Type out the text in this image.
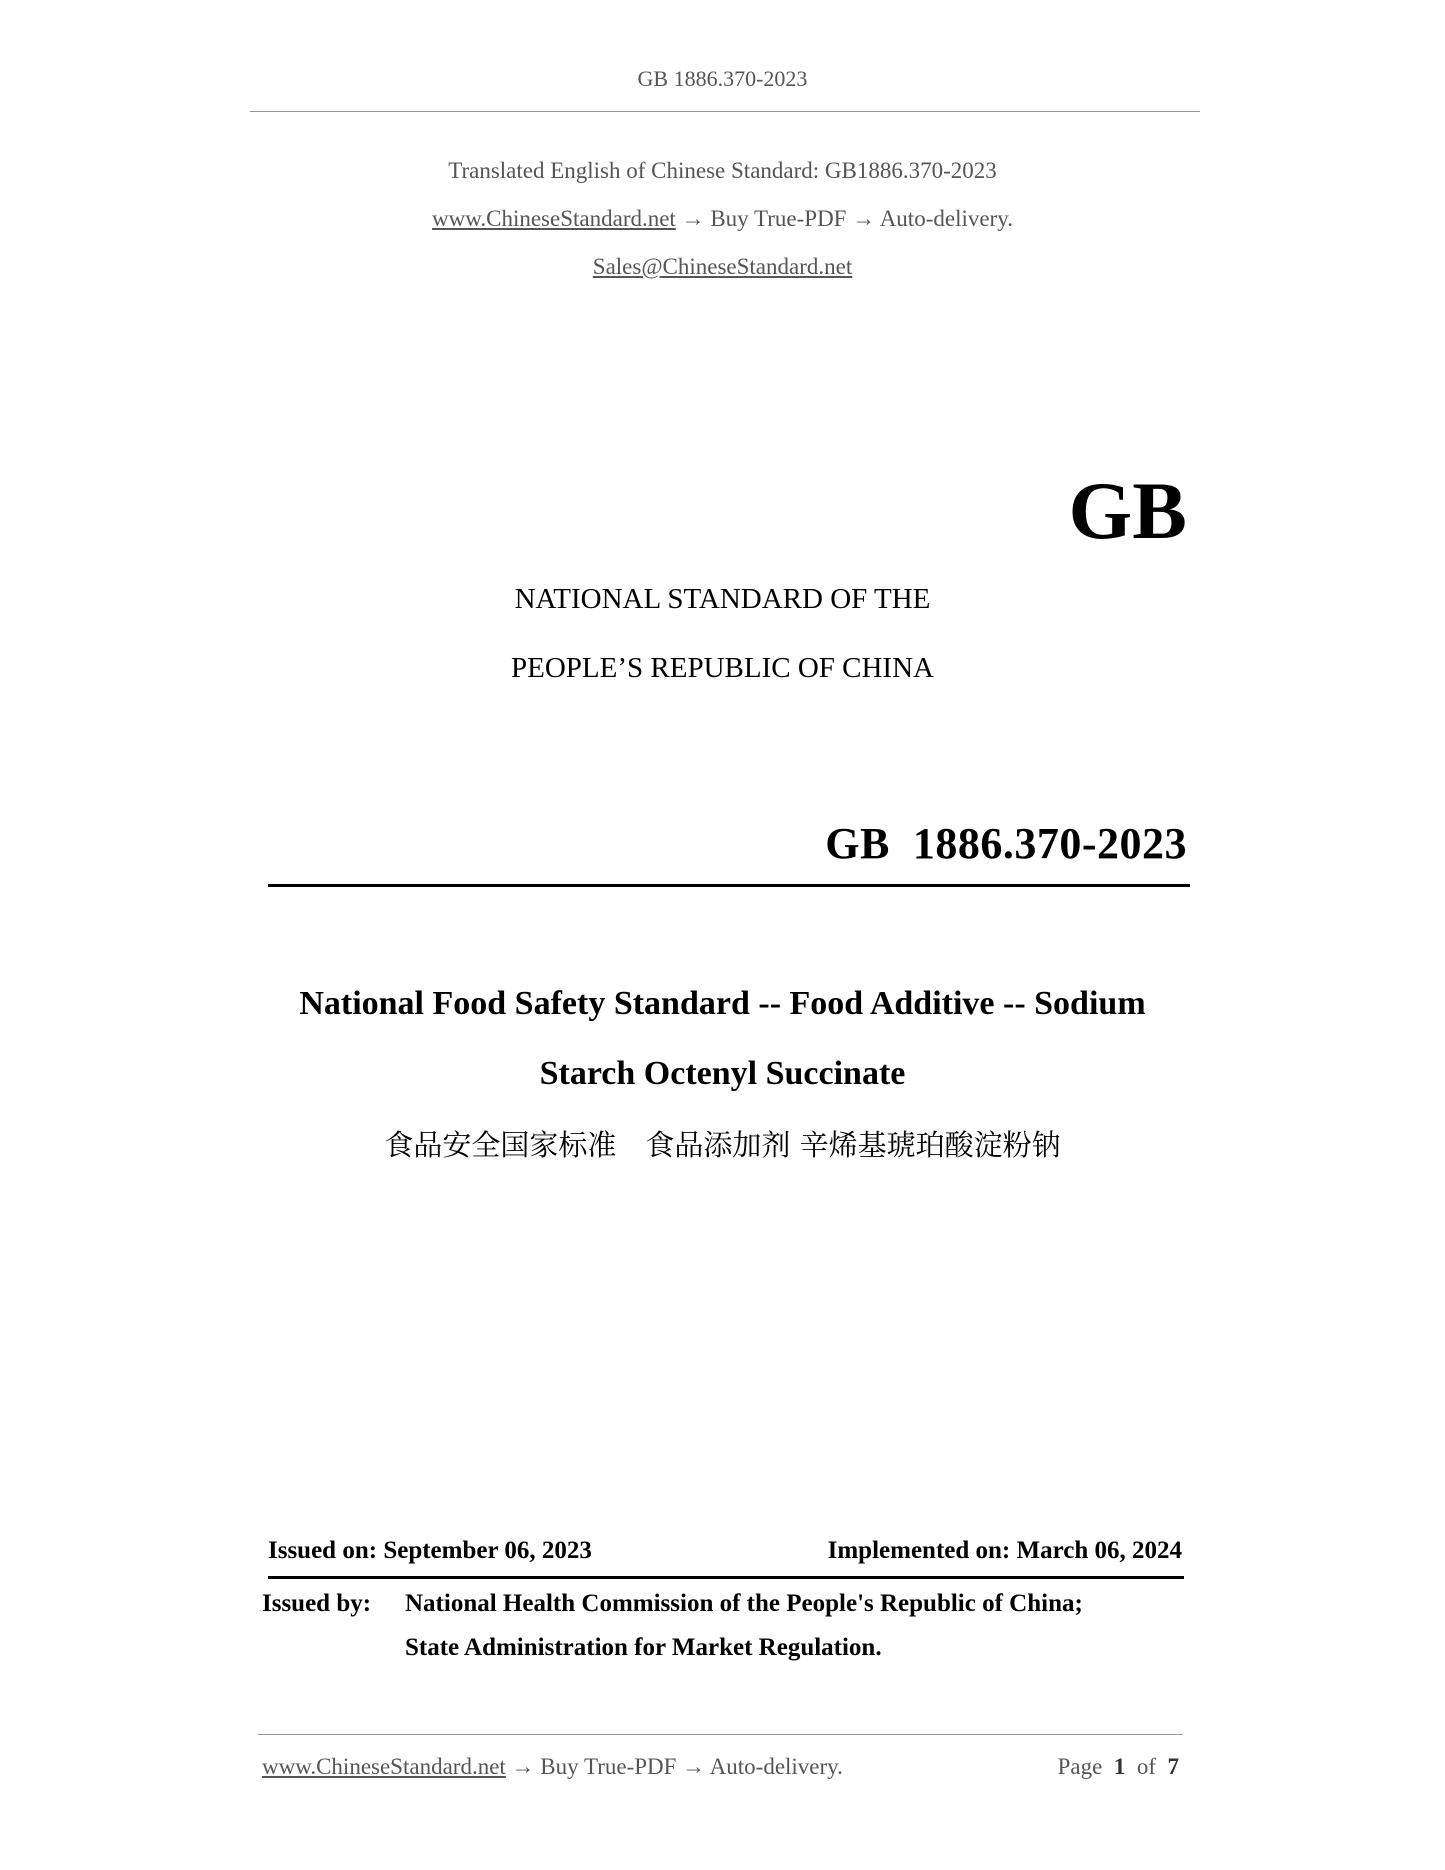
GB 1886.370-2023
Translated English of Chinese Standard: GB1886.370-2023
www.ChineseStandard.net → Buy True-PDF → Auto-delivery.
Sales@ChineseStandard.net
GB
NATIONAL STANDARD OF THE
PEOPLE’S REPUBLIC OF CHINA
GB  1886.370-2023
National Food Safety Standard -- Food Additive -- Sodium
Starch Octenyl Succinate
食品安全国家标准　食品添加剂 辛烯基琥珀酸淀粉钠
Issued on: September 06, 2023	Implemented on: March 06, 2024
Issued by: National Health Commission of the People's Republic of China;
State Administration for Market Regulation.
www.ChineseStandard.net → Buy True-PDF → Auto-delivery.	Page 1 of 7
